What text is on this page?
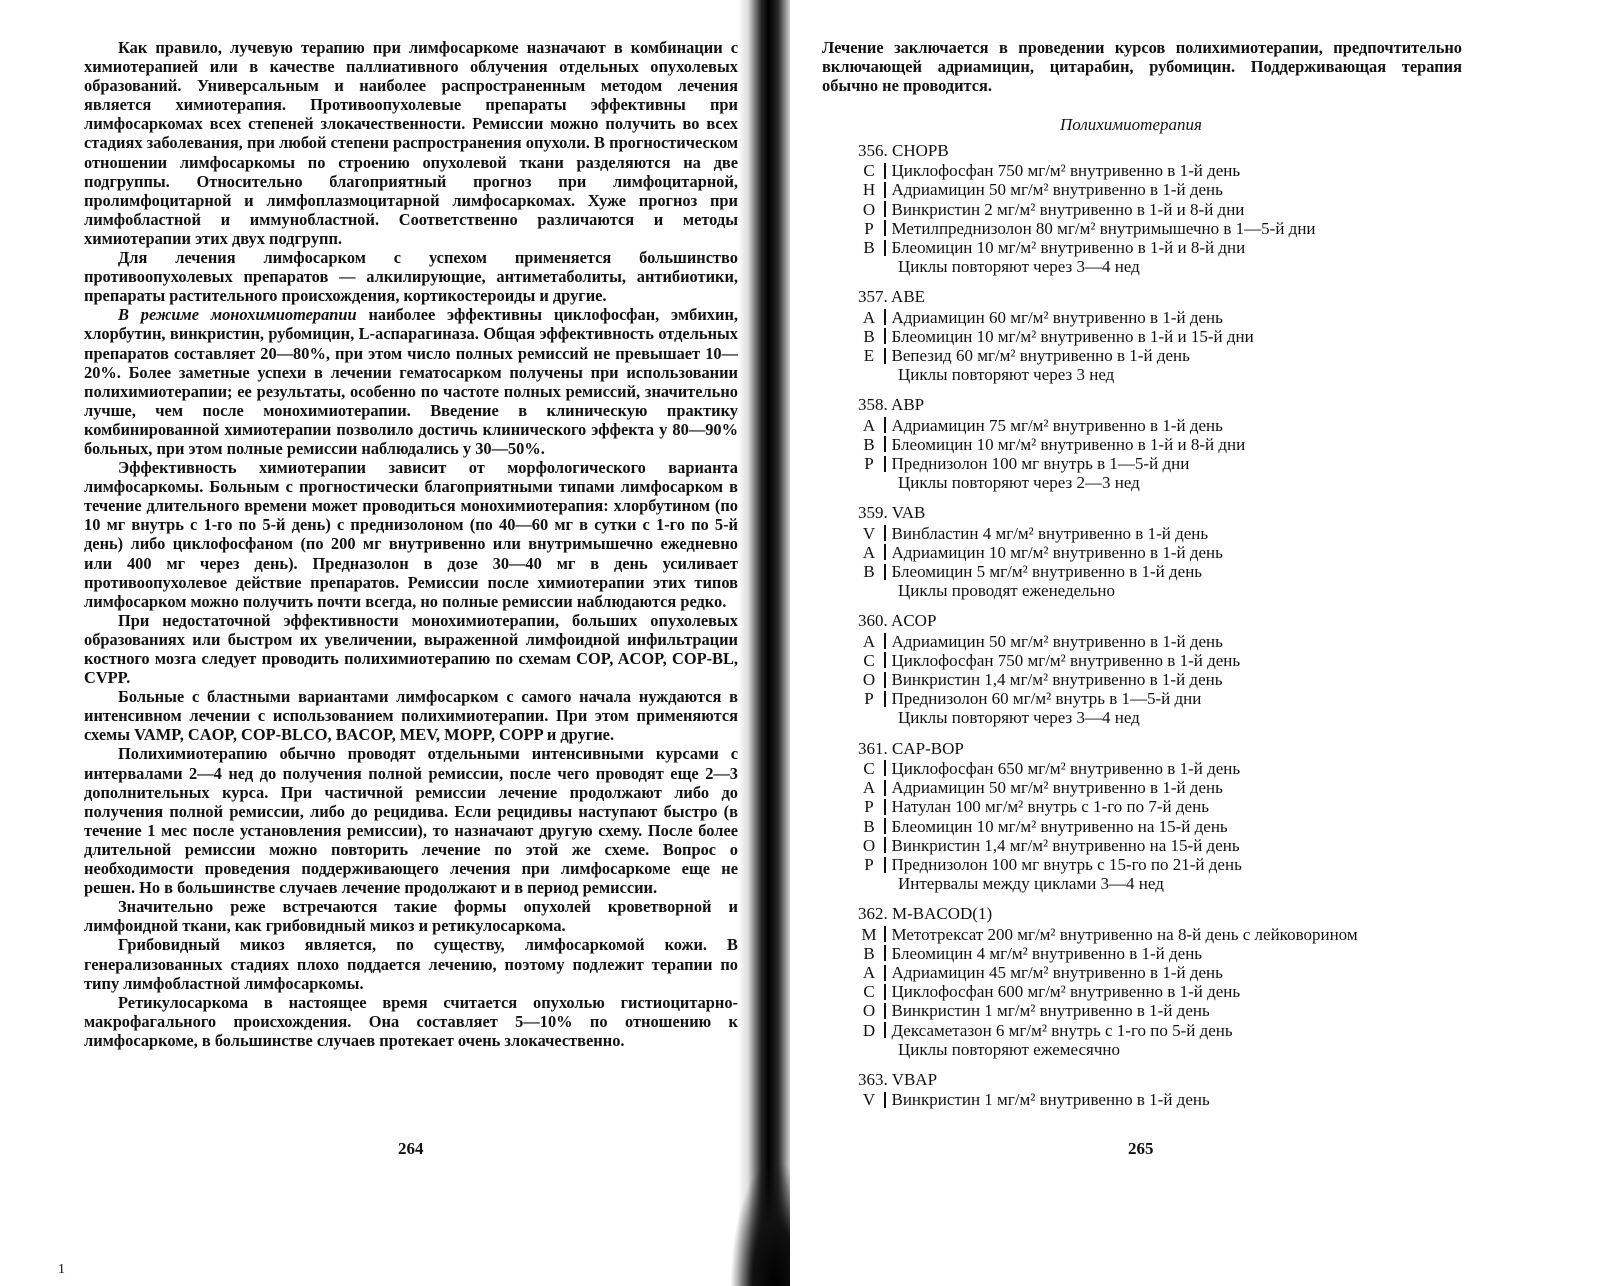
Как правило, лучевую терапию при лимфосаркоме назначают в комбинации с химиотерапией или в качестве паллиативного облучения отдельных опухолевых образований. Универсальным и наиболее распространенным методом лечения является химиотерапия. Противоопухолевые препараты эффективны при лимфосаркомах всех степеней злокачественности. Ремиссии можно получить во всех стадиях заболевания, при любой степени распространения опухоли. В прогностическом отношении лимфосаркомы по строению опухолевой ткани разделяются на две подгруппы. Относительно благоприятный прогноз при лимфоцитарной, пролимфоцитарной и лимфоплазмоцитарной лимфосаркомах. Хуже прогноз при лимфобластной и иммунобластной. Соответственно различаются и методы химиотерапии этих двух подгрупп.

Для лечения лимфосарком с успехом применяется большинство противоопухолевых препаратов — алкилирующие, антиметаболиты, антибиотики, препараты растительного происхождения, кортикостероиды и другие.

В режиме монохимиотерапии наиболее эффективны циклофосфан, эмбихин, хлорбутин, винкристин, рубомицин, L-аспарагиназа. Общая эффективность отдельных препаратов составляет 20—80%, при этом число полных ремиссий не превышает 10—20%. Более заметные успехи в лечении гематосарком получены при использовании полихимиотерапии; ее результаты, особенно по частоте полных ремиссий, значительно лучше, чем после монохимиотерапии. Введение в клиническую практику комбинированной химиотерапии позволило достичь клинического эффекта у 80—90% больных, при этом полные ремиссии наблюдались у 30—50%.

Эффективность химиотерапии зависит от морфологического варианта лимфосаркомы. Больным с прогностически благоприятными типами лимфосарком в течение длительного времени может проводиться монохимиотерапия: хлорбутином (по 10 мг внутрь с 1-го по 5-й день) с преднизолоном (по 40—60 мг в сутки с 1-го по 5-й день) либо циклофосфаном (по 200 мг внутривенно или внутримышечно ежедневно или 400 мг через день). Предназолон в дозе 30—40 мг в день усиливает противоопухолевое действие препаратов. Ремиссии после химиотерапии этих типов лимфосарком можно получить почти всегда, но полные ремиссии наблюдаются редко.

При недостаточной эффективности монохимиотерапии, больших опухолевых образованиях или быстром их увеличении, выраженной лимфоидной инфильтрации костного мозга следует проводить полихимиотерапию по схемам COP, ACOP, COP-BL, CVPP.

Больные с бластными вариантами лимфосарком с самого начала нуждаются в интенсивном лечении с использованием полихимиотерапии. При этом применяются схемы VAMP, CAOP, COP-BLCO, BACOP, MEV, MOPP, COPP и другие.

Полихимиотерапию обычно проводят отдельными интенсивными курсами с интервалами 2—4 нед до получения полной ремиссии, после чего проводят еще 2—3 дополнительных курса. При частичной ремиссии лечение продолжают либо до получения полной ремиссии, либо до рецидива. Если рецидивы наступают быстро (в течение 1 мес после установления ремиссии), то назначают другую схему. После более длительной ремиссии можно повторить лечение по этой же схеме. Вопрос о необходимости проведения поддерживающего лечения при лимфосаркоме еще не решен. Но в большинстве случаев лечение продолжают и в период ремиссии.

Значительно реже встречаются такие формы опухолей кроветворной и лимфоидной ткани, как грибовидный микоз и ретикулосаркома.

Грибовидный микоз является, по существу, лимфосаркомой кожи. В генерализованных стадиях плохо поддается лечению, поэтому подлежит терапии по типу лимфобластной лимфосаркомы.

Ретикулосаркома в настоящее время считается опухолью гистиоцитарно-макрофагального происхождения. Она составляет 5—10% по отношению к лимфосаркоме, в большинстве случаев протекает очень злокачественно.

264
1
Лечение заключается в проведении курсов полихимиотерапии, предпочтительно включающей адриамицин, цитарабин, рубомицин. Поддерживающая терапия обычно не проводится.
Полихимиотерапия
356. CHOPB
C Циклофосфан 750 мг/м² внутривенно в 1-й день
H Адриамицин 50 мг/м² внутривенно в 1-й день
O Винкристин 2 мг/м² внутривенно в 1-й и 8-й дни
P	Метилпреднизолон 80 мг/м² внутримышечно в 1—5-й дни
B Блеомицин 10 мг/м² внутривенно в 1-й и 8-й дни
Циклы повторяют через 3—4 нед
357. ABE
A Адриамицин 60 мг/м² внутривенно в 1-й день
B Блеомицин 10 мг/м² внутривенно в 1-й и 15-й дни
E	Вепезид 60 мг/м² внутривенно в 1-й день
Циклы повторяют через 3 нед
358. ABP
A Адриамицин 75 мг/м² внутривенно в 1-й день
B Блеомицин 10 мг/м² внутривенно в 1-й и 8-й дни
P	Преднизолон 100 мг внутрь в 1—5-й дни
Циклы повторяют через 2—3 нед
359. VAB
V Винбластин 4 мг/м² внутривенно в 1-й день
A Адриамицин 10 мг/м² внутривенно в 1-й день
B Блеомицин 5 мг/м² внутривенно в 1-й день
Циклы проводят еженедельно
360. ACOP
A Адриамицин 50 мг/м² внутривенно в 1-й день
C Циклофосфан 750 мг/м² внутривенно в 1-й день
O Винкристин 1,4 мг/м² внутривенно в 1-й день
P	Преднизолон 60 мг/м² внутрь в 1—5-й дни
Циклы повторяют через 3—4 нед
361. CAP-BOP
C Циклофосфан 650 мг/м² внутривенно в 1-й день
A Адриамицин 50 мг/м² внутривенно в 1-й день
P	Натулан 100 мг/м² внутрь с 1-го по 7-й день
B Блеомицин 10 мг/м² внутривенно на 15-й день
O Винкристин 1,4 мг/м² внутривенно на 15-й день
P	Преднизолон 100 мг внутрь с 15-го по 21-й день
Интервалы между циклами 3—4 нед
362. M-BACOD(1)
M Метотрексат 200 мг/м² внутривенно на 8-й день с лейковорином
B Блеомицин 4 мг/м² внутривенно в 1-й день
A Адриамицин 45 мг/м² внутривенно в 1-й день
C Циклофосфан 600 мг/м² внутривенно в 1-й день
O Винкристин 1 мг/м² внутривенно в 1-й день
D Дексаметазон 6 мг/м² внутрь с 1-го по 5-й день
Циклы повторяют ежемесячно
363. VBAP
V Винкристин 1 мг/м² внутривенно в 1-й день
265
